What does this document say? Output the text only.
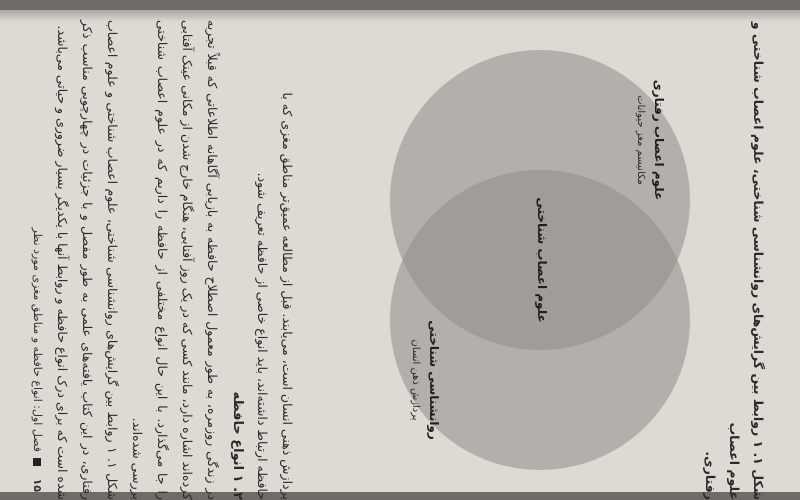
شکل ۱. ۱ روابط بین گرایش‌های روانشناسی شناختی، علوم اعصاب شناختی و علوم اعصاب
رفتاری.
علوم اعصاب رفتاری
مکانیسم مغز حیوانات
علوم اعصاب شناختی
روانشناسی شناختی
پردازش ذهن انسان

پردازش ذهنی انسان است، می‌یابند. قبل از مطالعه عمیق‌تر مناطق مغزی که با

حافظه ارتباط داشته‌اند، باید انواع خاصی از حافظه تعریف شود.

۲. ۱ انواع حافظه

در زندگی روزمره، به طور معمول اصطلاح حافظه به بازیابی آگاهانه اطلاعاتی که قبلاً تجربه کرده‌اند اشاره دارد، مانند کسی که در یک روز آفتابی، هنگام خارج شدن از مکانی عینک آفتابی را جا می‌گذارد. با این حال انواع مختلفی از حافظه را داریم که در علوم اعصاب شناختی بررسی شده‌اند.

شکل ۱. ۱ روابط بین گرایش‌های روانشناسی شناختی، علوم اعصاب شناختی و علوم اعصاب رفتاری، در این کتاب یافته‌های علمی به طور مفصل و با جزئیات در چهارچوبی مناسب ذکر شده است که برای درک انواع حافظه و روابط آنها با یکدیگر بسیار ضروری و حیاتی می‌باشد.

۱۵
فصل اول: انواع حافظه و مناطق مغزی مورد نظر
